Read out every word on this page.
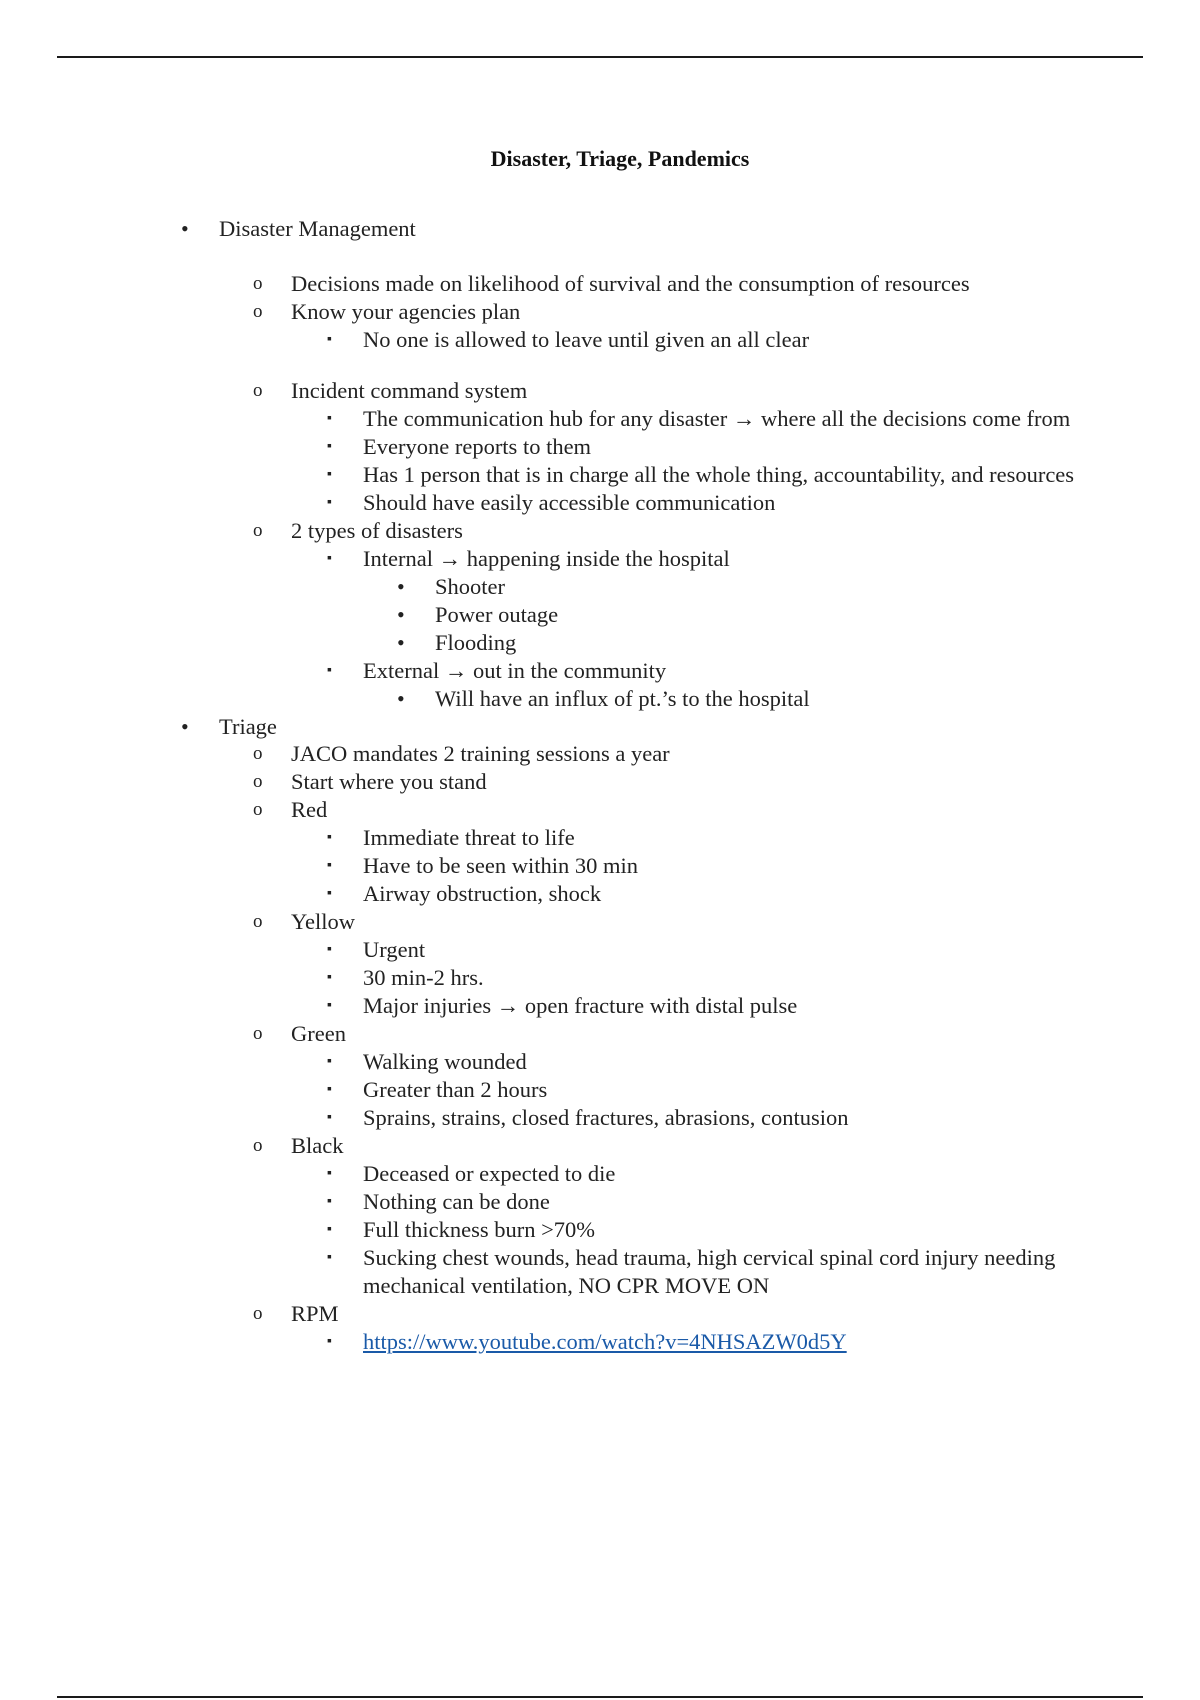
Disaster, Triage, Pandemics
• Disaster Management
o Decisions made on likelihood of survival and the consumption of resources
o Know your agencies plan
▪ No one is allowed to leave until given an all clear
o Incident command system
▪ The communication hub for any disaster → where all the decisions come from
▪ Everyone reports to them
▪ Has 1 person that is in charge all the whole thing, accountability, and resources
▪ Should have easily accessible communication
o 2 types of disasters
▪ Internal → happening inside the hospital
• Shooter
• Power outage
• Flooding
▪ External → out in the community
• Will have an influx of pt.’s to the hospital
• Triage
o JACO mandates 2 training sessions a year
o Start where you stand
o Red
▪ Immediate threat to life
▪ Have to be seen within 30 min
▪ Airway obstruction, shock
o Yellow
▪ Urgent
▪ 30 min-2 hrs.
▪ Major injuries → open fracture with distal pulse
o Green
▪ Walking wounded
▪ Greater than 2 hours
▪ Sprains, strains, closed fractures, abrasions, contusion
o Black
▪ Deceased or expected to die
▪ Nothing can be done
▪ Full thickness burn >70%
▪ Sucking chest wounds, head trauma, high cervical spinal cord injury needing mechanical ventilation, NO CPR MOVE ON
o RPM
▪ https://www.youtube.com/watch?v=4NHSAZW0d5Y
